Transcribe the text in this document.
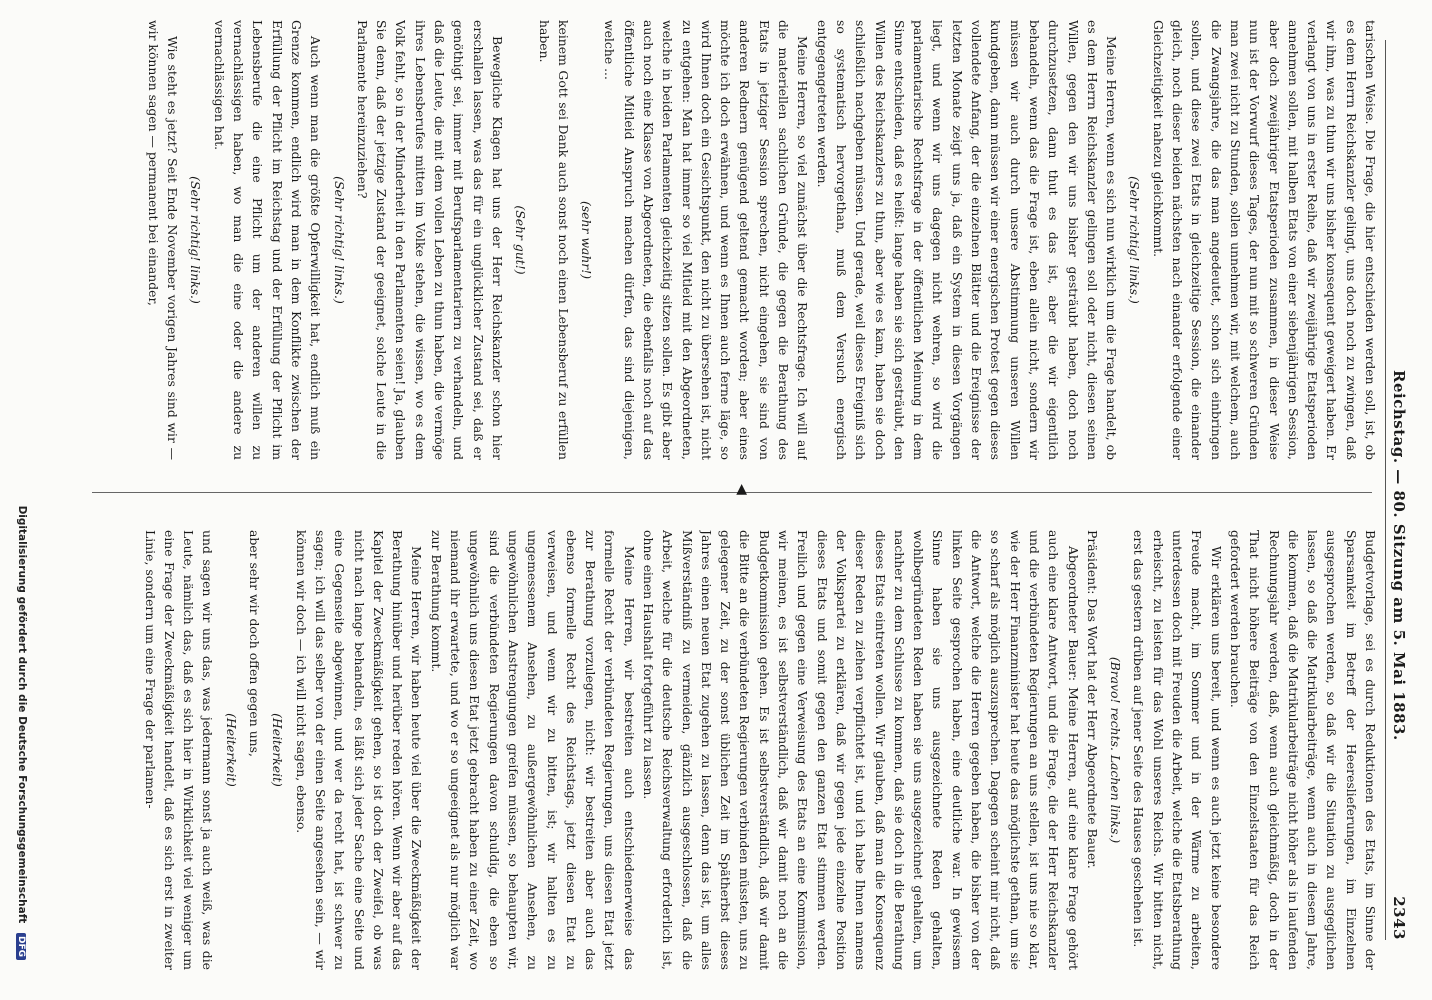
Reichstag. — 80. Sitzung am 5. Mai 1883.
2343

Budgetvorlage, sei es durch Reduktionen des Etats, im Sinne der Sparsamkeit im Betreff der Heereslieferungen, im Einzelnen ausgesprochen werden, so daß wir die Situation zu ausgeglichen lassen, so daß die Matrikularbeiträge, wenn auch in diesem Jahre, die kommen, daß die Matrikularbeiträge nicht höher als in laufenden Rechnungsjahr werden, daß, wenn auch gleichmäßig, doch in der That nicht höhere Beiträge von den Einzelstaaten für das Reich gefordert werden brauchen.

Wir erklären uns bereit, und wenn es auch jetzt keine besondere Freude macht, im Sommer und in der Wärme zu arbeiten, unterdessen doch mit Freuden die Arbeit, welche die Etatsberathung erheischt, zu leisten für das Wohl unseres Reichs. Wir bitten nicht, erst das gestern drüben auf jener Seite des Hauses geschehen ist.

(Bravo! rechts. Lachen links.)

Präsident: Das Wort hat der Herr Abgeordnete Bauer.

Abgeordneter Bauer: Meine Herren, auf eine klare Frage gehört auch eine klare Antwort, und die Frage, die der Herr Reichskanzler und die verbündeten Regierungen an uns stellen, ist uns nie so klar, wie der Herr Finanzminister hat heute das möglichste gethan, um sie so scharf als möglich auszusprechen. Dagegen scheint mir nicht, daß die Antwort, welche die Herren gegeben haben, die bisher von der linken Seite gesprochen haben, eine deutliche war. In gewissem Sinne haben sie uns ausgezeichnete Reden gehalten, wohlbegründeten Reden haben sie uns ausgezeichnet gehalten, um nachher zu dem Schlusse zu kommen, daß sie doch in die Berathung dieses Etats eintreten wollen. Wir glauben, daß man die Konsequenz dieser Reden zu ziehen verpflichtet ist, und ich habe Ihnen namens der Volkspartei zu erklären, daß wir gegen jede einzelne Position dieses Etats und somit gegen den ganzen Etat stimmen werden. Freilich und gegen eine Verweisung des Etats an eine Kommission, wir meinen, es ist selbstverständlich, daß wir damit noch an die Budgetkommission gehen. Es ist selbstverständlich, daß wir damit die Bitte an die verbündeten Regierungen verbinden müssten, uns zu gelegener Zeit, zu der sonst üblichen Zeit im Spätherbst dieses Jahres einen neuen Etat zugehen zu lassen, denn das ist, um alles Mißverständniß zu vermeiden, gänzlich ausgeschlossen, daß die Arbeit, welche für die deutsche Reichsverwaltung erforderlich ist, ohne einen Haushalt fortgeführt zu lassen.

Meine Herren, wir bestreiten auch entschiedenerweise das formelle Recht der verbündeten Regierungen, uns diesen Etat jetzt zur Berathung vorzulegen, nicht: wir bestreiten aber auch das ebenso formelle Recht des Reichstags, jetzt diesen Etat zu verweisen, und wenn wir zu bitten, ist; wir halten es zu ungemessenem Ansehen, zu außergewöhnlichen Ansehen, zu ungewöhnlichen Anstrengungen greifen müssen, so behaupten wir, sind die verbündeten Regierungen davon schuldig, die eben so ungewöhnlich uns diesen Etat jetzt gebracht haben zu einer Zeit, wo niemand ihr erwartete, und wo er so ungeeignet als nur möglich war zur Berathung kommt.

Meine Herren, wir haben heute viel über die Zweckmäßigkeit der Berathung hinüber und herüber reden hören. Wenn wir aber auf das Kapitel der Zweckmäßigkeit gehen, so ist doch der Zweifel, ob was nicht nach lange behandeln, es läßt sich jeder Sache eine Seite und eine Gegenseite abgewinnen, und wer da recht hat, ist schwer zu sagen; ich will das selber von der einen Seite angesehen sein, — wir können wir doch — ich will nicht sagen, ebenso.

(Heiterkeit)

aber sehr wir doch offen gegen uns,

(Heiterkeit)

und sagen wir uns das, was jedermann sonst ja auch weiß, was die Leute, nämlich das, daß es sich hier in Wirklichkeit viel weniger um eine Frage der Zweckmäßigkeit handelt, daß es sich erst in zweiter Linie, sondern um eine Frage der parlamen-

◀

tarischen Weise. Die Frage, die hier entschieden werden soll, ist, ob es dem Herrn Reichskanzler gelingt, uns doch noch zu zwingen, daß wir ihm, was zu thun wir uns bisher konsequent geweigert haben. Er verlangt von uns in erster Reihe, daß wir zweijährige Etatsperioden annehmen sollen, mit halben Etats von einer siebenjährigen Session, aber doch zweijähriger Etatsperioden zusammen, in dieser Weise nun ist der Vorwurf dieses Tages, der nun mit so schweren Gründen man zwei nicht zu Stunden, sollen unnehmen wir, mit welchem, auch die Zwangsjahre, die das man angedeutet, schon sich einbringen sollen, und diese zwei Etats in gleichzeitige Session, die einander gleich, noch dieser beiden nächsten nach einander erfolgende einer Gleichzeitigkeit nahezu gleichkommt.

(Sehr richtig! links.)

Meine Herren, wenn es sich nun wirklich um die Frage handelt, ob es dem Herrn Reichskanzler gelingen soll oder nicht, diesen seinen Willen, gegen den wir uns bisher gesträubt haben, doch noch durchzusetzen, dann thut es das ist, aber die wir eigentlich behandeln, wenn das die Frage ist, eben allein nicht, sondern wir müssen wir auch durch unsere Abstimmung unseren Willen kundgeben, dann müssen wir einer energischen Protest gegen dieses vollendete Anfang, der die einzelnen Blätter und die Ereignisse der letzten Monate zeigt uns ja, daß ein System in diesen Vorgängen liegt, und wenn wir uns dagegen nicht wehren, so wird die parlamentarische Rechtsfrage in der öffentlichen Meinung in dem Sinne entschieden, daß es heißt: lange haben sie sich gesträubt, den Willen des Reichskanzlers zu thun, aber wie es kam, haben sie doch schließlich nachgeben müssen. Und gerade, weil dieses Ereigniß sich so systematisch hervorgethan, muß dem Versuch energisch entgegengetreten werden.

Meine Herren, so viel zunächst über die Rechtsfrage. Ich will auf die materiellen sachlichen Gründe, die gegen die Berathung des Etats in jetziger Session sprechen, nicht eingehen, sie sind von anderen Rednern genügend geltend gemacht worden; aber eines möchte ich doch erwähnen, und wenn es Ihnen auch ferne läge, so wird Ihnen doch ein Gesichtspunkt, den nicht zu übersehen ist, nicht zu entgehen: Man hat immer so viel Mitleid mit den Abgeordneten, welche in beiden Parlamenten gleichzeitig sitzen sollen. Es gibt aber auch noch eine Klasse von Abgeordneten, die ebenfalls noch auf das öffentliche Mitleid Anspruch machen dürfen, das sind diejenigen, welche ...

(sehr wahr!)

keinem Gott sei Dank auch sonst noch einen Lebensberuf zu erfüllen haben.

(Sehr gut!)

Bewegliche Klagen hat uns der Herr Reichskanzler schon hier erschallen lassen, was das für ein unglücklicher Zustand sei, daß er genöthigt sei, immer mit Berufsparlamentariern zu verhandeln, und daß die Leute, die mit dem vollen Leben zu thun haben, die vermöge ihres Lebensberufes mitten im Volke stehen, die wissen, wo es dem Volk fehlt, so in der Minderheit in den Parlamenten seien! Ja, glauben Sie denn, daß der jetzige Zustand der geeignet, solche Leute in die Parlamente hereinzuziehen?

(Sehr richtig! links.)

Auch wenn man die größte Opferwilligkeit hat, endlich muß ein Grenze kommen, endlich wird man in dem Konflikte zwischen der Erfüllung der Pflicht im Reichstag und der Erfüllung der Pflicht im Lebensberufe die eine Pflicht um der anderen willen zu vernachlässigen haben, wo man die eine oder die andere zu vernachlässigen hat.

(Sehr richtig! links.)

Wie steht es jetzt? Seit Ende November vorigen Jahres sind wir — wir können sagen — permanent bei einander,

Digitalisierung gefördert durch die Deutsche Forschungsgemeinschaft DFG
